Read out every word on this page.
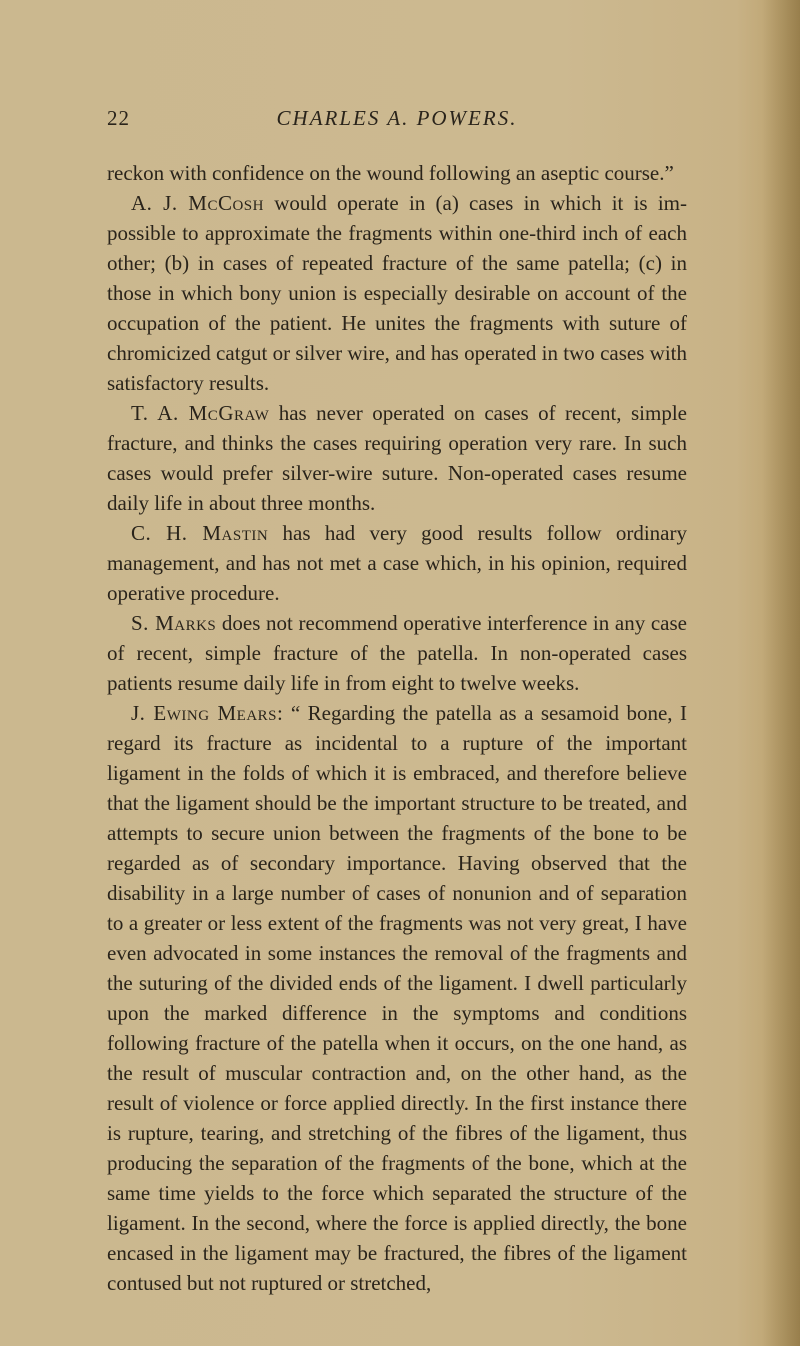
22	CHARLES A. POWERS.

reckon with confidence on the wound following an aseptic course.”

A. J. McCosh would operate in (a) cases in which it is impossible to approximate the fragments within one-third inch of each other; (b) in cases of repeated fracture of the same patella; (c) in those in which bony union is especially desirable on account of the occupation of the patient. He unites the fragments with suture of chromicized catgut or silver wire, and has operated in two cases with satisfactory results.

T. A. McGraw has never operated on cases of recent, simple fracture, and thinks the cases requiring operation very rare. In such cases would prefer silver-wire suture. Non-operated cases resume daily life in about three months.

C. H. Mastin has had very good results follow ordinary management, and has not met a case which, in his opinion, required operative procedure.

S. Marks does not recommend operative interference in any case of recent, simple fracture of the patella. In non-operated cases patients resume daily life in from eight to twelve weeks.

J. Ewing Mears: “ Regarding the patella as a sesamoid bone, I regard its fracture as incidental to a rupture of the important ligament in the folds of which it is embraced, and therefore believe that the ligament should be the important structure to be treated, and attempts to secure union between the fragments of the bone to be regarded as of secondary importance. Having observed that the disability in a large number of cases of nonunion and of separation to a greater or less extent of the fragments was not very great, I have even advocated in some instances the removal of the fragments and the suturing of the divided ends of the ligament. I dwell particularly upon the marked difference in the symptoms and conditions following fracture of the patella when it occurs, on the one hand, as the result of muscular contraction and, on the other hand, as the result of violence or force applied directly. In the first instance there is rupture, tearing, and stretching of the fibres of the ligament, thus producing the separation of the fragments of the bone, which at the same time yields to the force which separated the structure of the ligament. In the second, where the force is applied directly, the bone encased in the ligament may be fractured, the fibres of the ligament contused but not ruptured or stretched,
